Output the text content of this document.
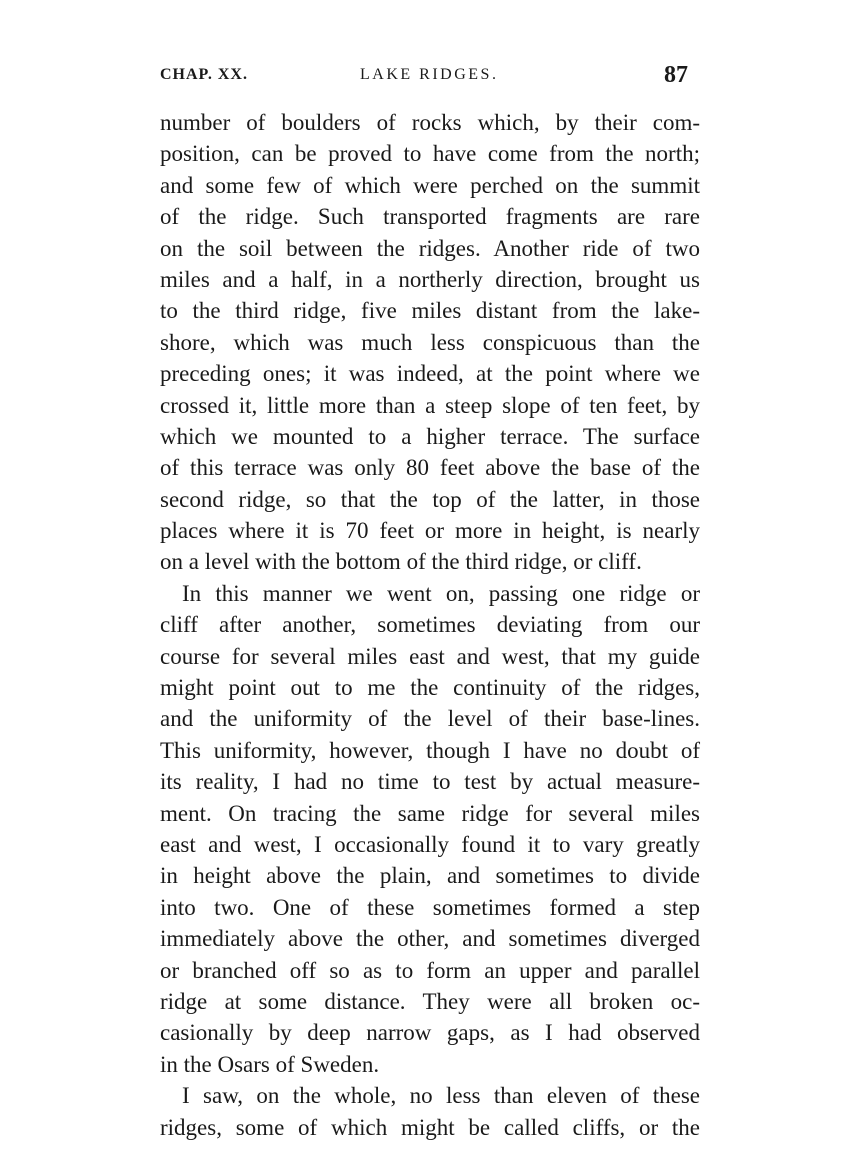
CHAP. XX.	LAKE RIDGES.	87
number of boulders of rocks which, by their com-
position, can be proved to have come from the north;
and some few of which were perched on the summit
of the ridge. Such transported fragments are rare
on the soil between the ridges. Another ride of two
miles and a half, in a northerly direction, brought us
to the third ridge, five miles distant from the lake-
shore, which was much less conspicuous than the
preceding ones; it was indeed, at the point where we
crossed it, little more than a steep slope of ten feet, by
which we mounted to a higher terrace. The surface
of this terrace was only 80 feet above the base of the
second ridge, so that the top of the latter, in those
places where it is 70 feet or more in height, is nearly
on a level with the bottom of the third ridge, or cliff.
In this manner we went on, passing one ridge or
cliff after another, sometimes deviating from our
course for several miles east and west, that my guide
might point out to me the continuity of the ridges,
and the uniformity of the level of their base-lines.
This uniformity, however, though I have no doubt of
its reality, I had no time to test by actual measure-
ment. On tracing the same ridge for several miles
east and west, I occasionally found it to vary greatly
in height above the plain, and sometimes to divide
into two. One of these sometimes formed a step
immediately above the other, and sometimes diverged
or branched off so as to form an upper and parallel
ridge at some distance. They were all broken oc-
casionally by deep narrow gaps, as I had observed
in the Osars of Sweden.
I saw, on the whole, no less than eleven of these
ridges, some of which might be called cliffs, or the
